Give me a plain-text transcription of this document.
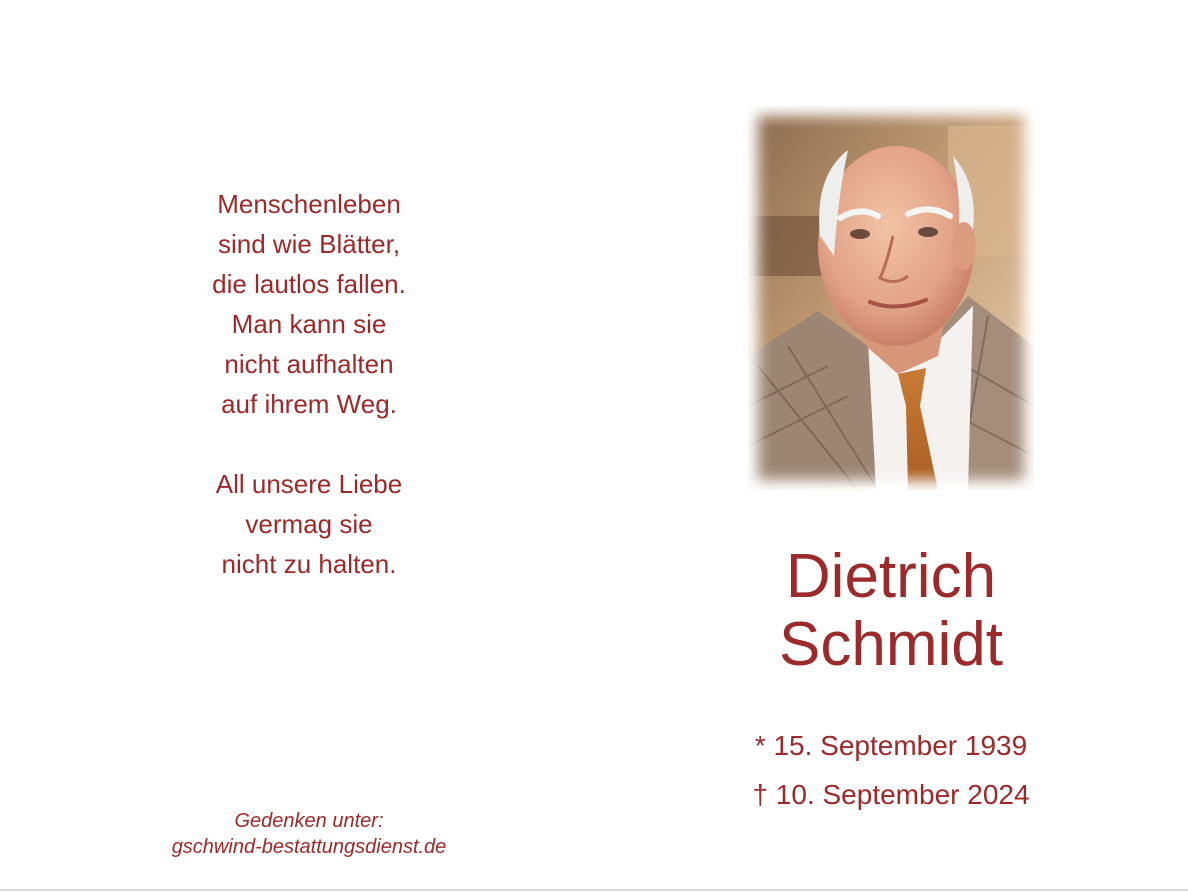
Menschenleben
sind wie Blätter,
die lautlos fallen.
Man kann sie
nicht aufhalten
auf ihrem Weg.
All unsere Liebe
vermag sie
nicht zu halten.
Gedenken unter:
gschwind-bestattungsdienst.de
Dietrich
Schmidt
* 15. September 1939
† 10. September 2024
